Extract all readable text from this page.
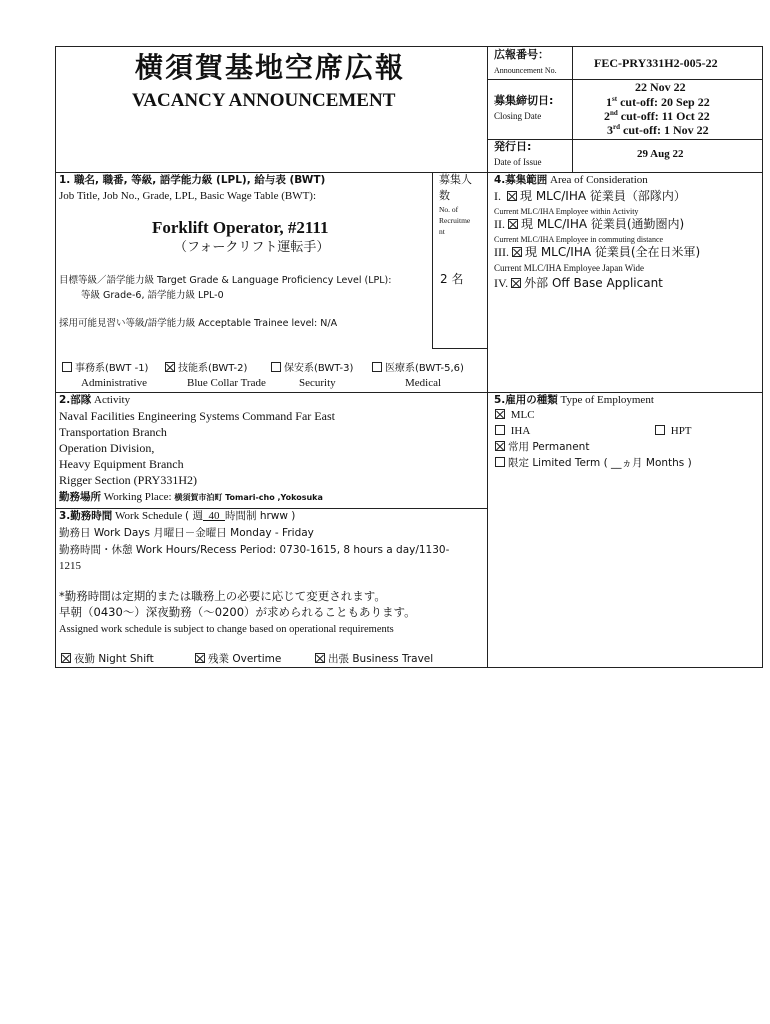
横須賀基地空席広報
VACANCY ANNOUNCEMENT
広報番号：
Announcement No.
FEC-PRY331H2-005-22
募集締切日:
Closing Date
22 Nov 22
1st cut-off: 20 Sep 22
2nd cut-off: 11 Oct 22
3rd cut-off: 1 Nov 22
発行日:
Date of Issue
29 Aug 22
1. 職名, 職番, 等級, 語学能力級 (LPL), 給与表 (BWT)
Job Title, Job No., Grade, LPL, Basic Wage Table (BWT):
Forklift Operator, #2111
（フォークリフト運転手）
目標等級／語学能力級 Target Grade & Language Proficiency Level (LPL):
等級 Grade-6, 語学能力級 LPL-0
採用可能見習い等級/語学能力級 Acceptable Trainee level: N/A
事務系(BWT -1)	技能系(BWT-2)	保安系(BWT-3)	医療系(BWT-5,6)
Administrative	Blue Collar Trade	Security	Medical
募集人
数
No. of
Recruitme
nt
2 名
4.募集範囲 Area of Consideration
I. 現 MLC/IHA 従業員（部隊内）
Current MLC/IHA Employee within Activity
II. 現 MLC/IHA 従業員(通勤圏内)
Current MLC/IHA Employee in commuting distance
III. 現 MLC/IHA 従業員(全在日米軍)
Current MLC/IHA Employee Japan Wide
IV. 外部 Off Base Applicant
2.部隊 Activity
Naval Facilities Engineering Systems Command Far East
Transportation Branch
Operation Division,
Heavy Equipment Branch
Rigger Section (PRY331H2)
勤務場所 Working Place: 横須賀市泊町 Tomari-cho ,Yokosuka
5.雇用の種類 Type of Employment
MLC
IHA	HPT
常用 Permanent
限定 Limited Term ( __ヵ月 Months )
3.勤務時間 Work Schedule ( 週 40 時間制 hrww )
勤務日 Work Days 月曜日－金曜日 Monday - Friday
勤務時間・休憩 Work Hours/Recess Period: 0730-1615, 8 hours a day/1130-
1215
*勤務時間は定期的または職務上の必要に応じて変更されます。
早朝（0430～）深夜勤務（～0200）が求められることもあります。
Assigned work schedule is subject to change based on operational requirements
夜勤 Night Shift	残業 Overtime	出張 Business Travel
